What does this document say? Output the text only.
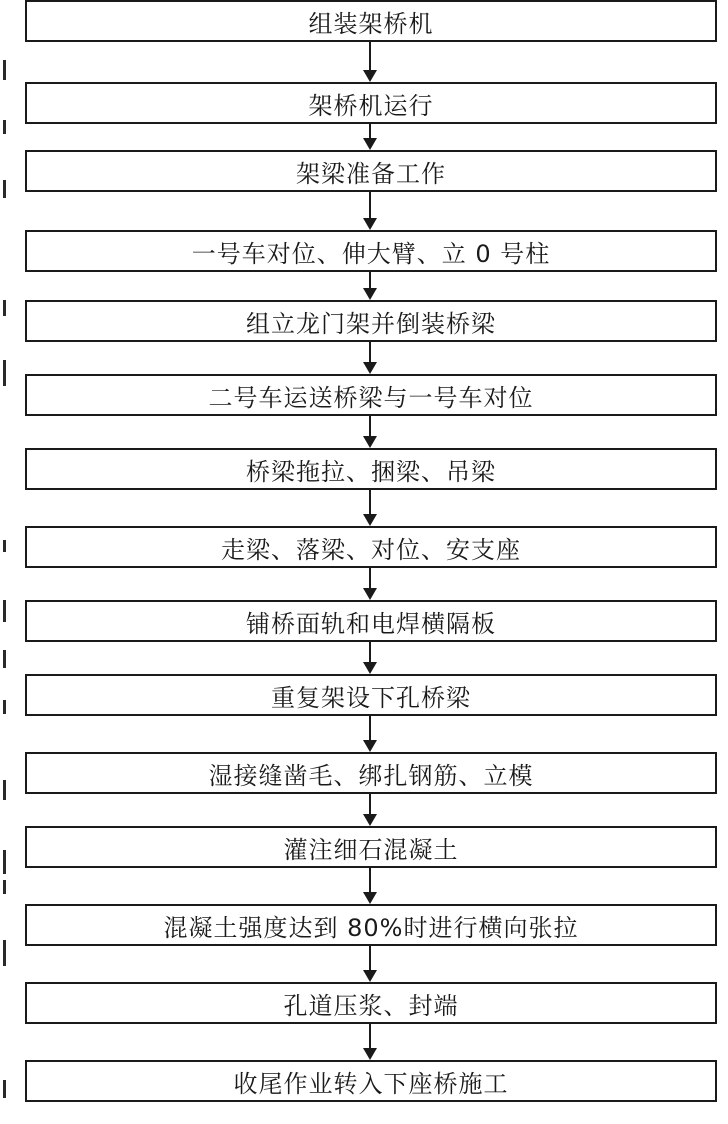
组装架桥机
架桥机运行
架梁准备工作
一号车对位、伸大臂、立 0 号柱
组立龙门架并倒装桥梁
二号车运送桥梁与一号车对位
桥梁拖拉、捆梁、吊梁
走梁、落梁、对位、安支座
铺桥面轨和电焊横隔板
重复架设下孔桥梁
湿接缝凿毛、绑扎钢筋、立模
灌注细石混凝土
混凝土强度达到 80%时进行横向张拉
孔道压浆、封端
收尾作业转入下座桥施工
